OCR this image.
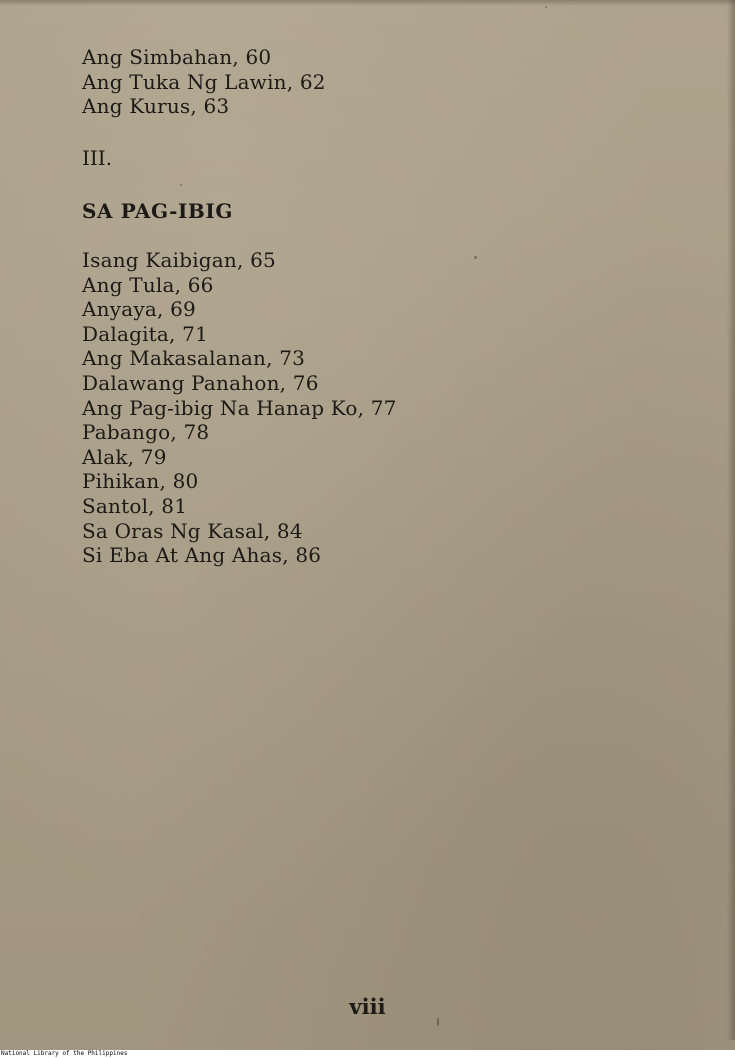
Ang Simbahan, 60
Ang Tuka Ng Lawin, 62
Ang Kurus, 63
III.
SA PAG-IBIG
Isang Kaibigan, 65
Ang Tula, 66
Anyaya, 69
Dalagita, 71
Ang Makasalanan, 73
Dalawang Panahon, 76
Ang Pag-ibig Na Hanap Ko, 77
Pabango, 78
Alak, 79
Pihikan, 80
Santol, 81
Sa Oras Ng Kasal, 84
Si Eba At Ang Ahas, 86
viii
National Library of the Philippines
